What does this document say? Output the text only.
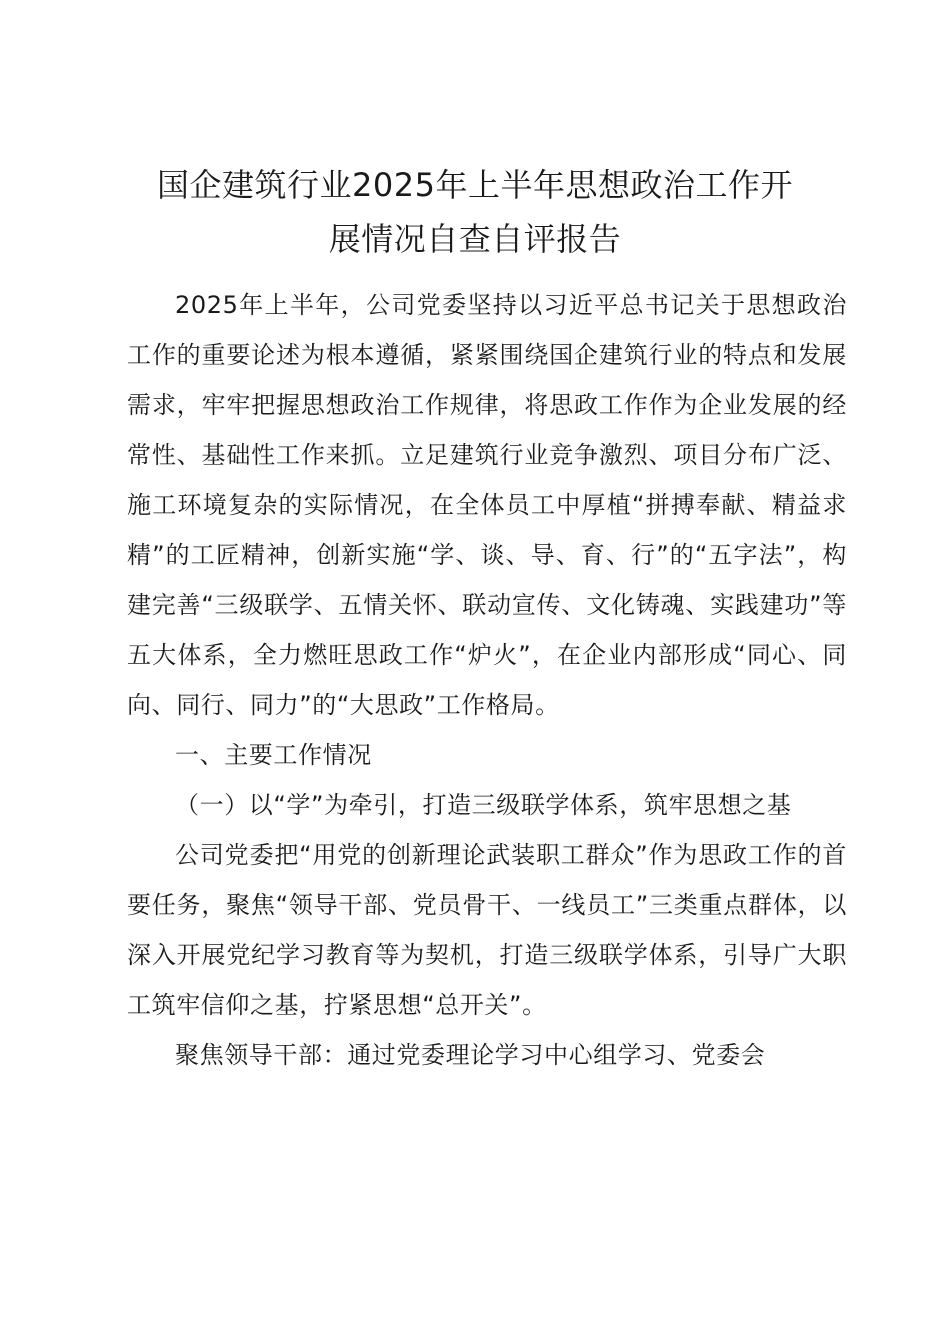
国企建筑行业2025年上半年思想政治工作开
展情况自查自评报告

2025年上半年，公司党委坚持以习近平总书记关于思想政治工作的重要论述为根本遵循，紧紧围绕国企建筑行业的特点和发展需求，牢牢把握思想政治工作规律，将思政工作作为企业发展的经常性、基础性工作来抓。立足建筑行业竞争激烈、项目分布广泛、施工环境复杂的实际情况，在全体员工中厚植“拼搏奉献、精益求精”的工匠精神，创新实施“学、谈、导、育、行”的“五字法”，构建完善“三级联学、五情关怀、联动宣传、文化铸魂、实践建功”等五大体系，全力燃旺思政工作“炉火”，在企业内部形成“同心、同向、同行、同力”的“大思政”工作格局。

一、主要工作情况

（一）以“学”为牵引，打造三级联学体系，筑牢思想之基

公司党委把“用党的创新理论武装职工群众”作为思政工作的首要任务，聚焦“领导干部、党员骨干、一线员工”三类重点群体，以深入开展党纪学习教育等为契机，打造三级联学体系，引导广大职工筑牢信仰之基，拧紧思想“总开关”。

聚焦领导干部：通过党委理论学习中心组学习、党委会
